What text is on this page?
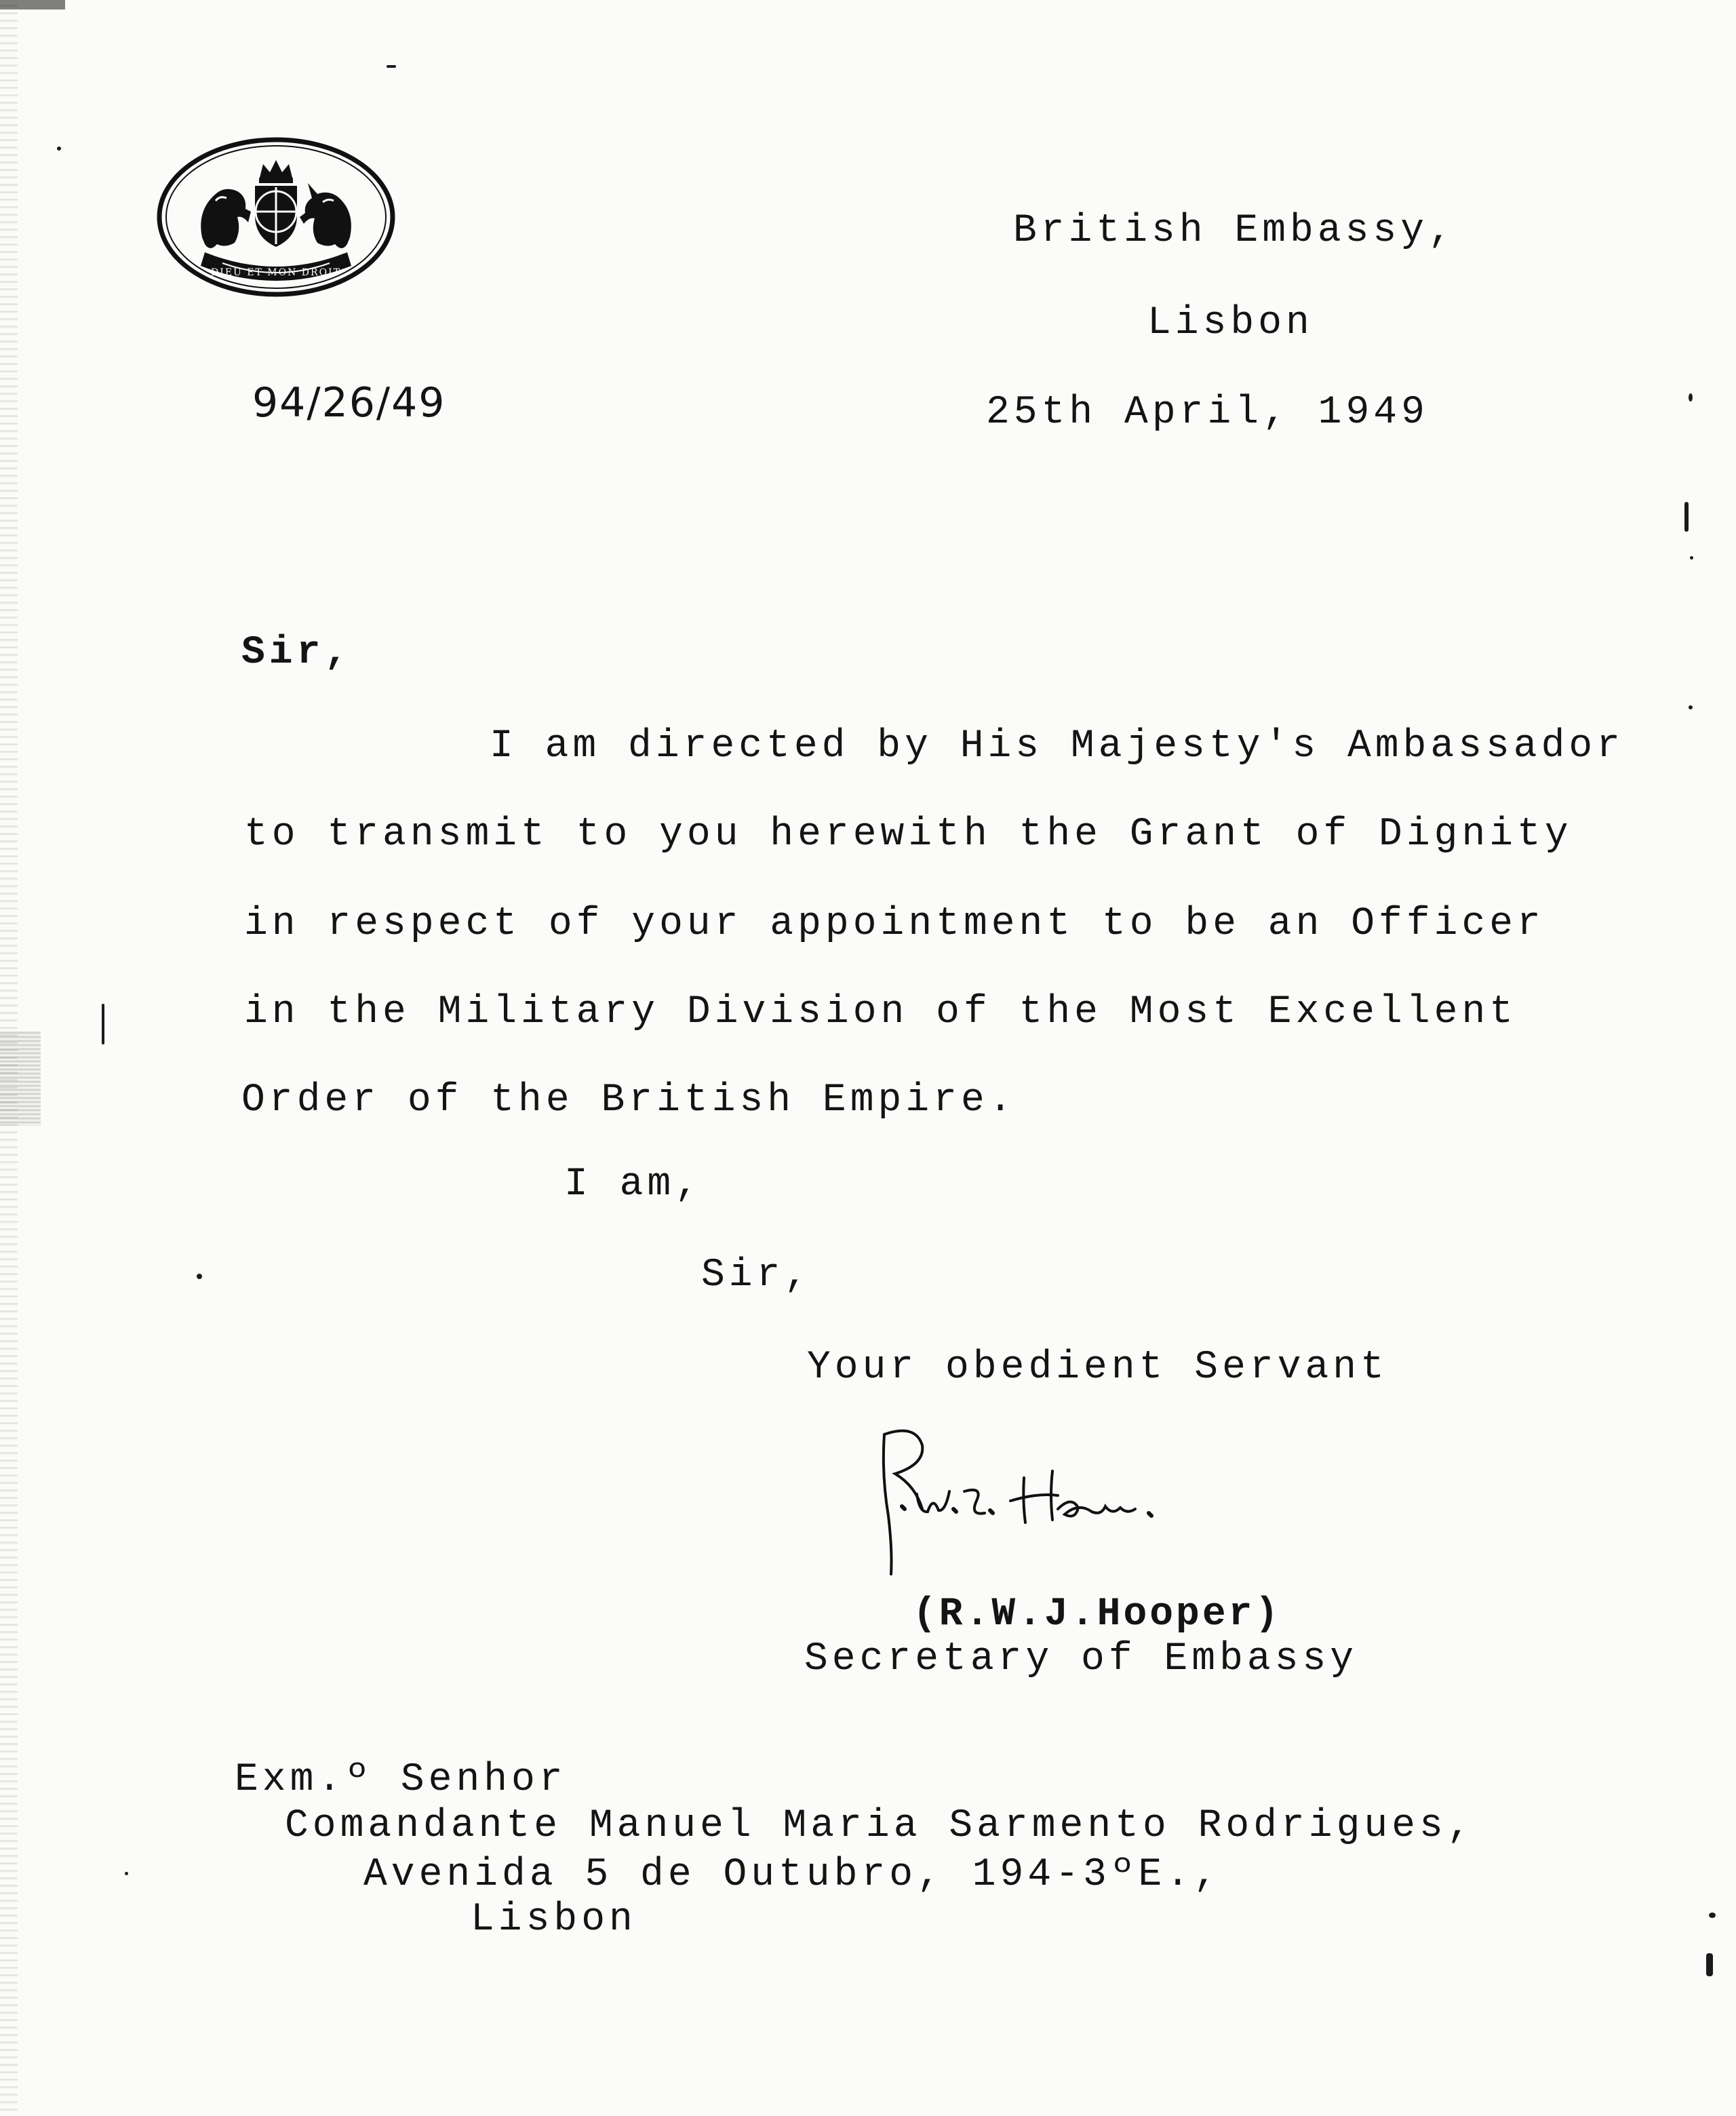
DIEU ET MON DROIT
British Embassy,
Lisbon
25th April, 1949
94/26/49
Sir,
I am directed by His Majesty's Ambassador
to transmit to you herewith the Grant of Dignity
in respect of your appointment to be an Officer
in the Military Division of the Most Excellent
Order of the British Empire.
I am,
Sir,
Your obedient Servant
(R.W.J.Hooper)
Secretary of Embassy
Exm.º Senhor
Comandante Manuel Maria Sarmento Rodrigues,
Avenida 5 de Outubro, 194-3ºE.,
Lisbon
